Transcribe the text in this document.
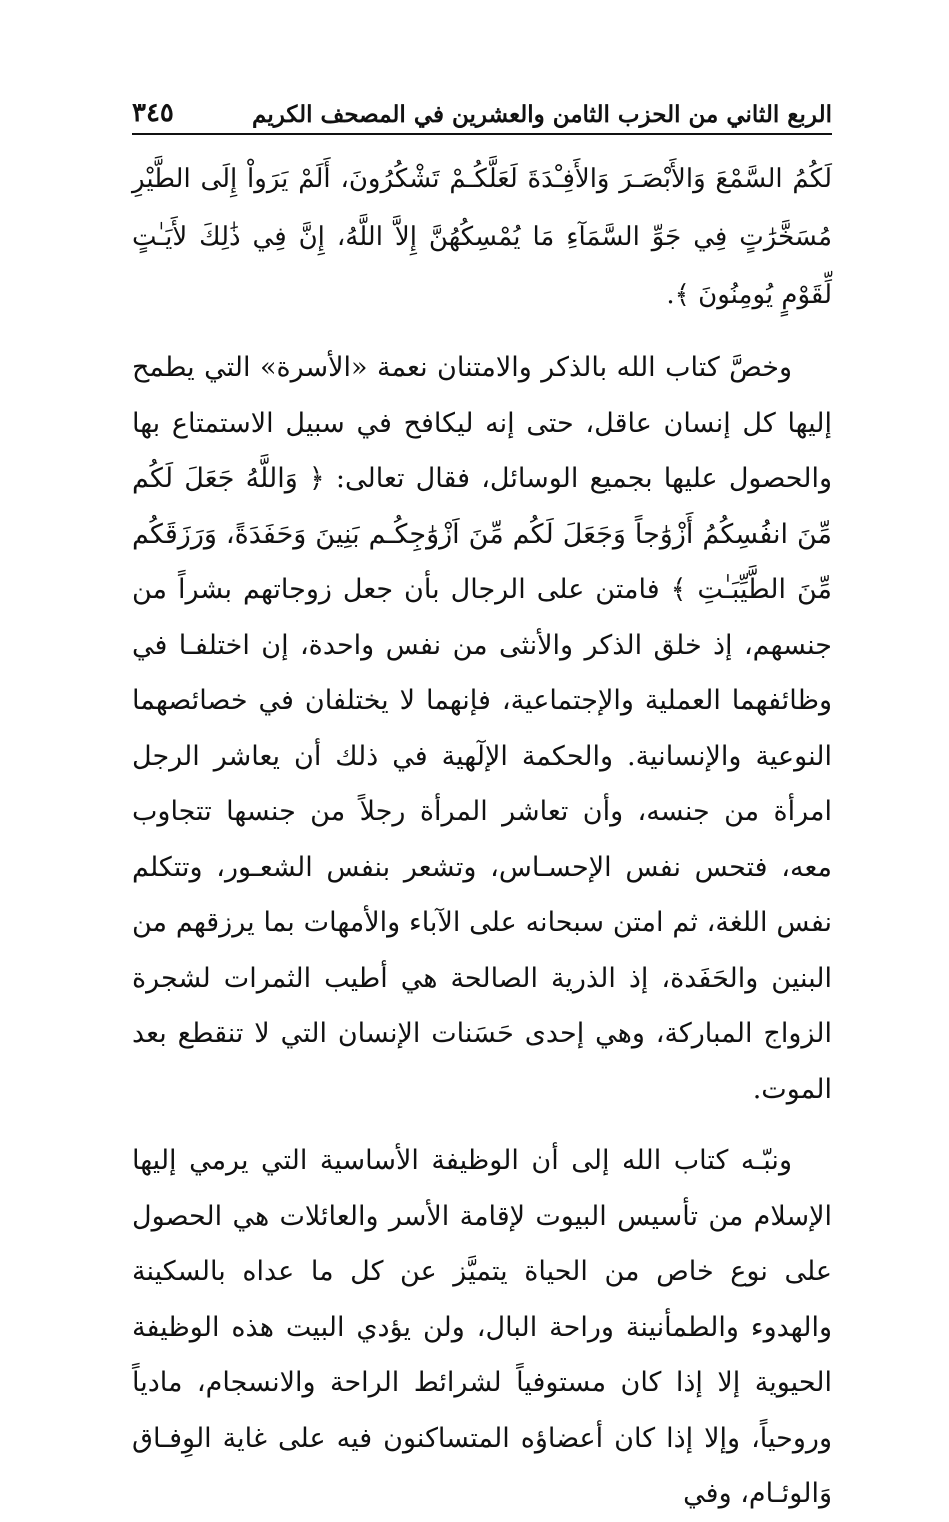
الربع الثاني من الحزب الثامن والعشرين في المصحف الكريم
٣٤٥

لَكُمُ السَّمْعَ وَالأَبْصَـرَ وَالأَفِـْدَةَ لَعَلَّكُـمْ تَشْكُرُونَ، أَلَمْ يَرَواْ إِلَى الطَّيْرِ مُسَخَّرَٰتٍ فِي جَوِّ السَّمَآءِ مَا يُمْسِكُهُنَّ إِلاَّ اللَّهُ، إِنَّ فِي ذَٰلِكَ لأَيَـٰتٍ لِّقَوْمٍ يُومِنُونَ ﴾.

وخصَّ كتاب الله بالذكر والامتنان نعمة «الأسرة» التي يطمح إليها كل إنسان عاقل، حتى إنه ليكافح في سبيل الاستمتاع بها والحصول عليها بجميع الوسائل، فقال تعالى: ﴿ وَاللَّهُ جَعَلَ لَكُم مِّنَ انفُسِكُمُ أَزْوَٰجاً وَجَعَلَ لَكُم مِّنَ اَزْوَٰجِكُـم بَنِينَ وَحَفَدَةً، وَرَزَقَكُم مِّنَ الطَّيِّبَـٰتِ ﴾ فامتن على الرجال بأن جعل زوجاتهم بشراً من جنسهم، إذ خلق الذكر والأنثى من نفس واحدة، إن اختلفـا في وظائفهما العملية والإجتماعية، فإنهما لا يختلفان في خصائصهما النوعية والإنسانية. والحكمة الإلٓهية في ذلك أن يعاشر الرجل امرأة من جنسه، وأن تعاشر المرأة رجلاً من جنسها تتجاوب معه، فتحس نفس الإحسـاس، وتشعر بنفس الشعـور، وتتكلم نفس اللغة، ثم امتن سبحانه على الآباء والأمهات بما يرزقهم من البنين والحَفَدة، إذ الذرية الصالحة هي أطيب الثمرات لشجرة الزواج المباركة، وهي إحدى حَسَنات الإنسان التي لا تنقطع بعد الموت.

ونبّـه كتاب الله إلى أن الوظيفة الأساسية التي يرمي إليها الإسلام من تأسيس البيوت لإقامة الأسر والعائلات هي الحصول على نوع خاص من الحياة يتميَّز عن كل ما عداه بالسكينة والهدوء والطمأنينة وراحة البال، ولن يؤدي البيت هذه الوظيفة الحيوية إلا إذا كان مستوفياً لشرائط الراحة والانسجام، مادياً وروحياً، وإلا إذا كان أعضاؤه المتساكنون فيه على غاية الوِفـاق وَالوئـام، وفي
